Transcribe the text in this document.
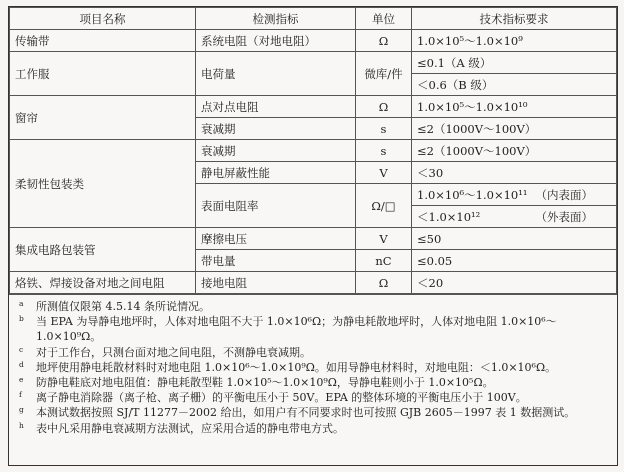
项目名称	检测指标	单位	技术指标要求
传输带	系统电阻（对地电阻）	Ω	1.0×10⁵～1.0×10⁹
工作服	电荷量	微库/件	≤0.1（A 级）
			＜0.6（B 级）
窗帘	点对点电阻	Ω	1.0×10⁵～1.0×10¹⁰
	衰减期	s	≤2（1000V～100V）
柔韧性包装类	衰减期	s	≤2（1000V～100V）
	静电屏蔽性能	V	＜30
	表面电阻率	Ω/□	1.0×10⁶～1.0×10¹¹ （内表面）

			＜1.0×10¹² （外表面）

集成电路包装管	摩擦电压	V	≤50
	带电量	nC	≤0.05
烙铁、焊接设备对地之间电阻	接地电阻	Ω	＜20
a	所测值仅限第 4.5.14 条所说情况。
b	当 EPA 为导静电地坪时，人体对地电阻不大于 1.0×10⁶Ω；为静电耗散地坪时，人体对地电阻 1.0×10⁶～1.0×10⁹Ω。
c	对于工作台，只测台面对地之间电阻，不测静电衰减期。
d	地坪使用静电耗散材料时对地电阻 1.0×10⁶～1.0×10⁹Ω。如用导静电材料时，对地电阻：＜1.0×10⁶Ω。
e	防静电鞋底对地电阻值：静电耗散型鞋 1.0×10⁵～1.0×10⁹Ω，导静电鞋则小于 1.0×10⁵Ω。
f	离子静电消除器（离子枪、离子栅）的平衡电压小于 50V。EPA 的整体环境的平衡电压小于 100V。
g	本测试数据按照 SJ/T 11277－2002 给出，如用户有不同要求时也可按照 GJB 2605－1997 表 1 数据测试。
h	表中凡采用静电衰减期方法测试，应采用合适的静电带电方式。
